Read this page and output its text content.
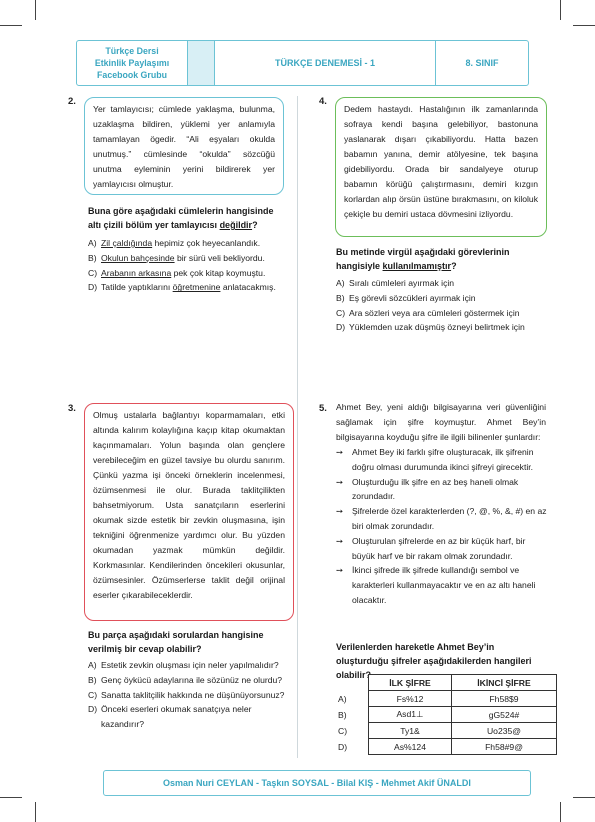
Türkçe Dersi
Etkinlik Paylaşımı
Facebook Grubu
TÜRKÇE DENEMESİ - 1	8. SINIF
2.
Yer tamlayıcısı; cümlede yaklaşma, bulunma, uzaklaşma bildiren, yüklemi yer anlamıyla tamamlayan ögedir. “Ali eşyaları okulda unutmuş.” cümlesinde “okulda” sözcüğü unutma eyleminin yerini bildirerek yer yamlayıcısı olmuştur.
Buna göre aşağıdaki cümlelerin hangisinde altı çizili bölüm yer tamlayıcısı değildir?
A) Zil çaldığında hepimiz çok heyecanlandık.
B) Okulun bahçesinde bir sürü veli bekliyordu.
C) Arabanın arkasına pek çok kitap koymuştu.
D) Tatilde yaptıklarını öğretmenine anlatacakmış.
3.
Olmuş ustalarla bağlantıyı koparmamaları, etki altında kalırım kolaylığına kaçıp kitap okumaktan kaçınmamaları. Yolun başında olan gençlere verebileceğim en güzel tavsiye bu olurdu sanırım. Çünkü yazma işi önceki örneklerin incelenmesi, özümsenmesi ile olur. Burada taklitçilikten bahsetmiyorum. Usta sanatçıların eserlerini okumak sizde estetik bir zevkin oluşmasına, işin tekniğini öğrenmenize yardımcı olur. Bu yüzden okumadan yazmak mümkün değildir. Korkmasınlar. Kendilerinden öncekileri okusunlar, özümsesinler. Özümserlerse taklit değil orijinal eserler çıkarabileceklerdir.
Bu parça aşağıdaki sorulardan hangisine verilmiş bir cevap olabilir?
A) Estetik zevkin oluşması için neler yapılmalıdır?
B) Genç öykücü adaylarına ile sözünüz ne olurdu?
C) Sanatta taklitçilik hakkında ne düşünüyorsunuz?
D) Önceki eserleri okumak sanatçıya neler kazandırır?
4.
Dedem hastaydı. Hastalığının ilk zamanlarında sofraya kendi başına gelebiliyor, bastonuna yaslanarak dışarı çıkabiliyordu. Hatta bazen babamın yanına, demir atölyesine, tek başına gidebiliyordu. Orada bir sandalyeye oturup babamın körüğü çalıştırmasını, demiri kızgın korlardan alıp örsün üstüne bırakmasını, on kiloluk çekiçle bu demiri ustaca dövmesini izliyordu.
Bu metinde virgül aşağıdaki görevlerinin hangisiyle kullanılmamıştır?
A) Sıralı cümleleri ayırmak için
B) Eş görevli sözcükleri ayırmak için
C) Ara sözleri veya ara cümleleri göstermek için
D) Yüklemden uzak düşmüş özneyi belirtmek için
5. Ahmet Bey, yeni aldığı bilgisayarına veri güvenliğini sağlamak için şifre koymuştur. Ahmet Bey’in bilgisayarına koyduğu şifre ile ilgili bilinenler şunlardır:
➙	Ahmet Bey iki farklı şifre oluşturacak, ilk şifrenin doğru olması durumunda ikinci şifreyi girecektir.
➙	Oluşturduğu ilk şifre en az beş haneli olmak zorundadır.
➙	Şifrelerde özel karakterlerden (?, @, %, &, #) en az biri olmak zorundadır.
➙	Oluşturulan şifrelerde en az bir küçük harf, bir büyük harf ve bir rakam olmak zorundadır.
➙	İkinci şifrede ilk şifrede kullandığı sembol ve karakterleri kullanmayacaktır ve en az altı haneli olacaktır.
Verilenlerden hareketle Ahmet Bey’in oluşturduğu şifreler aşağıdakilerden hangileri olabilir?
	İLK ŞİFRE	İKİNCİ ŞİFRE
A)	Fs%12	Fh58$9
B)	Asd1⊥	gG524#
C)	Ty1&	Uo235@
D)	As%124	Fh58#9@
Osman Nuri CEYLAN - Taşkın SOYSAL - Bilal KIŞ - Mehmet Akif ÜNALDI
